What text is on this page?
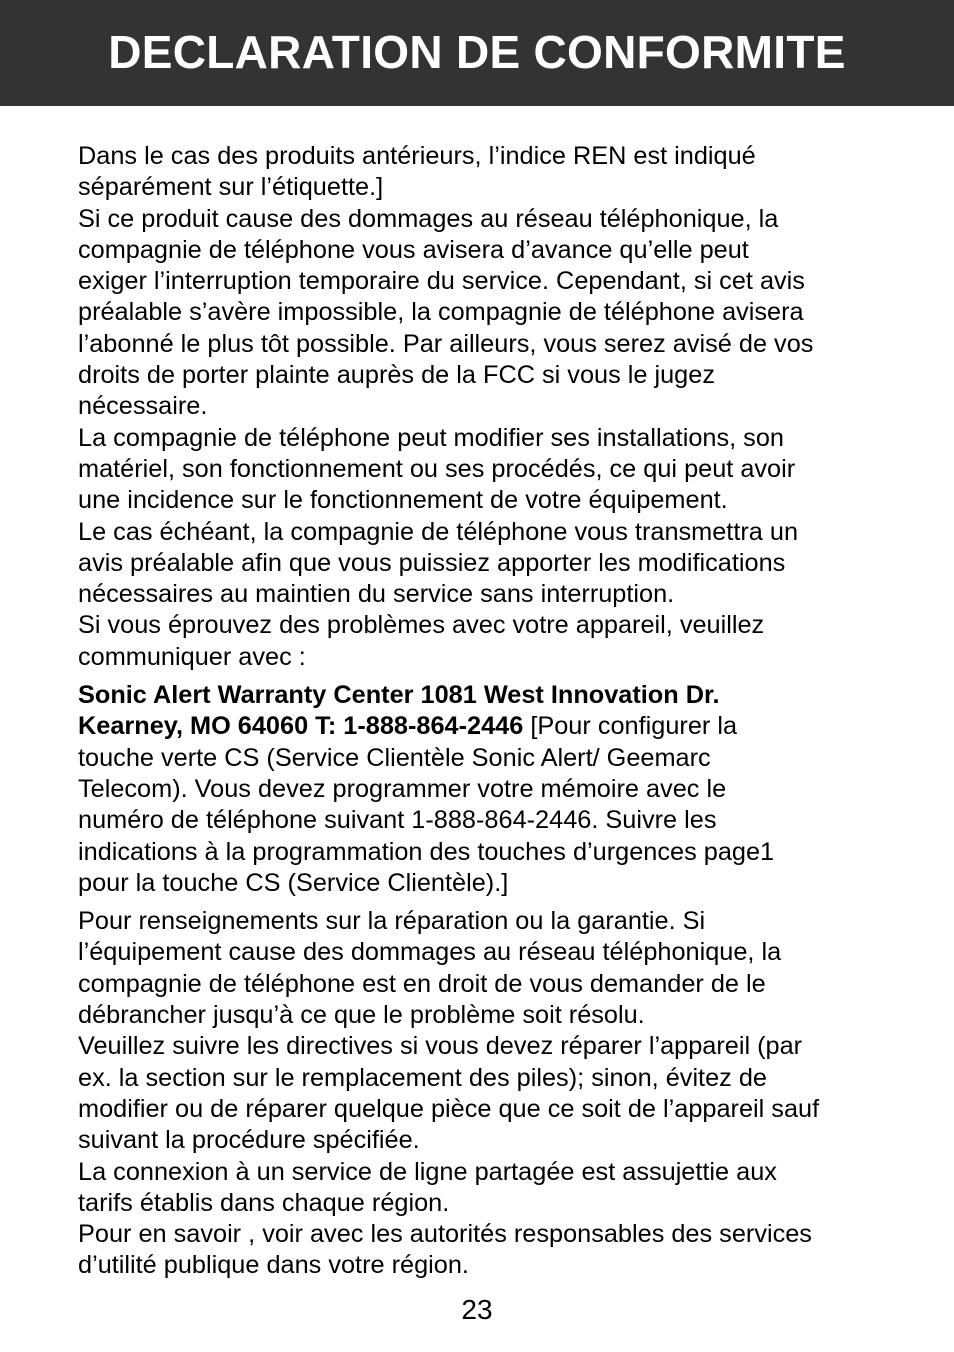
DECLARATION DE CONFORMITE

Dans le cas des produits antérieurs, l’indice REN est indiqué

séparément sur l’étiquette.]

Si ce produit cause des dommages au réseau téléphonique, la

compagnie de téléphone vous avisera d’avance qu’elle peut

exiger l’interruption temporaire du service. Cependant, si cet avis

préalable s’avère impossible, la compagnie de téléphone avisera

l’abonné le plus tôt possible. Par ailleurs, vous serez avisé de vos

droits de porter plainte auprès de la FCC si vous le jugez

nécessaire.

La compagnie de téléphone peut modifier ses installations, son

matériel, son fonctionnement ou ses procédés, ce qui peut avoir

une incidence sur le fonctionnement de votre équipement.

Le cas échéant, la compagnie de téléphone vous transmettra un

avis préalable afin que vous puissiez apporter les modifications

nécessaires au maintien du service sans interruption.

Si vous éprouvez des problèmes avec votre appareil, veuillez

communiquer avec :

Sonic Alert Warranty Center 1081 West Innovation Dr.

Kearney, MO 64060 T: 1-888-864-2446 [Pour configurer la

touche verte CS (Service Clientèle Sonic Alert/ Geemarc

Telecom). Vous devez programmer votre mémoire avec le

numéro de téléphone suivant 1-888-864-2446. Suivre les

indications à la programmation des touches d’urgences page1

pour la touche CS (Service Clientèle).]

Pour renseignements sur la réparation ou la garantie. Si

l’équipement cause des dommages au réseau téléphonique, la

compagnie de téléphone est en droit de vous demander de le

débrancher jusqu’à ce que le problème soit résolu.

Veuillez suivre les directives si vous devez réparer l’appareil (par

ex. la section sur le remplacement des piles); sinon, évitez de

modifier ou de réparer quelque pièce que ce soit de l’appareil sauf

suivant la procédure spécifiée.

La connexion à un service de ligne partagée est assujettie aux

tarifs établis dans chaque région.

Pour en savoir , voir avec les autorités responsables des services

d’utilité publique dans votre région.

23
